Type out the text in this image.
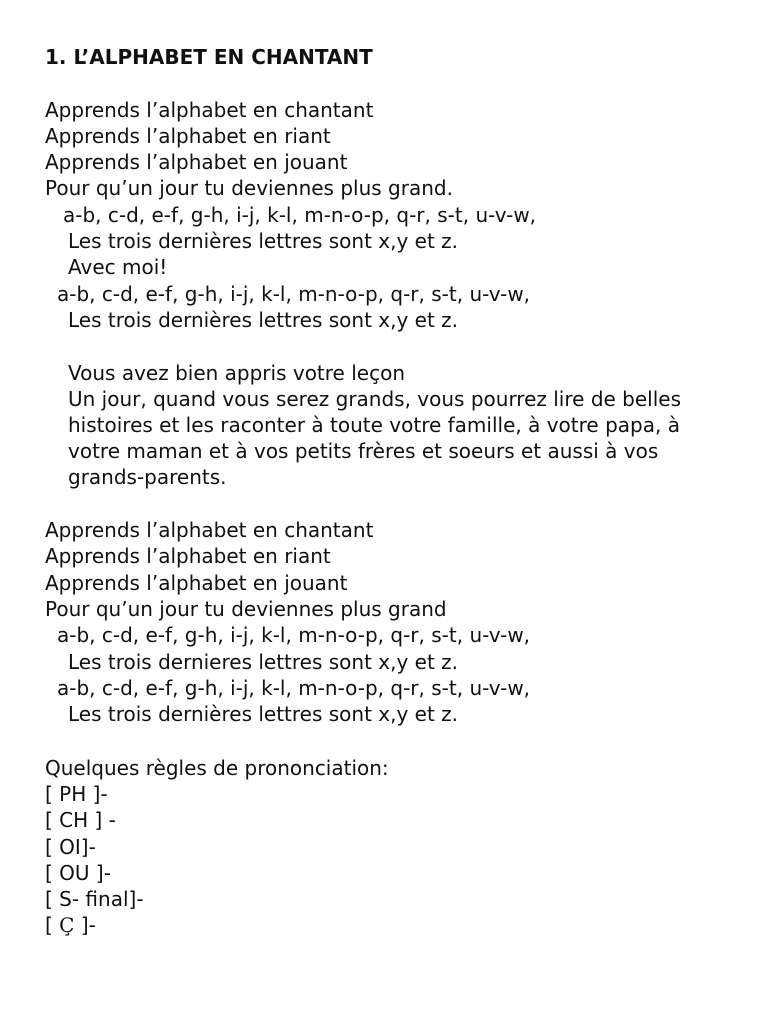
1. L’ALPHABET EN CHANTANT
Apprends l’alphabet en chantant
Apprends l’alphabet en riant
Apprends l’alphabet en jouant
Pour qu’un jour tu deviennes plus grand.
a-b, c-d, e-f, g-h, i-j, k-l, m-n-o-p, q-r, s-t, u-v-w,
Les trois dernières lettres sont x,y et z.
Avec moi!
a-b, c-d, e-f, g-h, i-j, k-l, m-n-o-p, q-r, s-t, u-v-w,
Les trois dernières lettres sont x,y et z.
Vous avez bien appris votre leçon
Un jour, quand vous serez grands, vous pourrez lire de belles histoires et les raconter à toute votre famille, à votre papa, à votre maman et à vos petits frères et soeurs et aussi à vos grands-parents.
Apprends l’alphabet en chantant
Apprends l’alphabet en riant
Apprends l’alphabet en jouant
Pour qu’un jour tu deviennes plus grand
a-b, c-d, e-f, g-h, i-j, k-l, m-n-o-p, q-r, s-t, u-v-w,
Les trois dernieres lettres sont x,y et z.
a-b, c-d, e-f, g-h, i-j, k-l, m-n-o-p, q-r, s-t, u-v-w,
Les trois dernières lettres sont x,y et z.
Quelques règles de prononciation:
[ PH ]-
[ CH ] -
[ OI]-
[ OU ]-
[ S- final]-
[ Ç ]-
